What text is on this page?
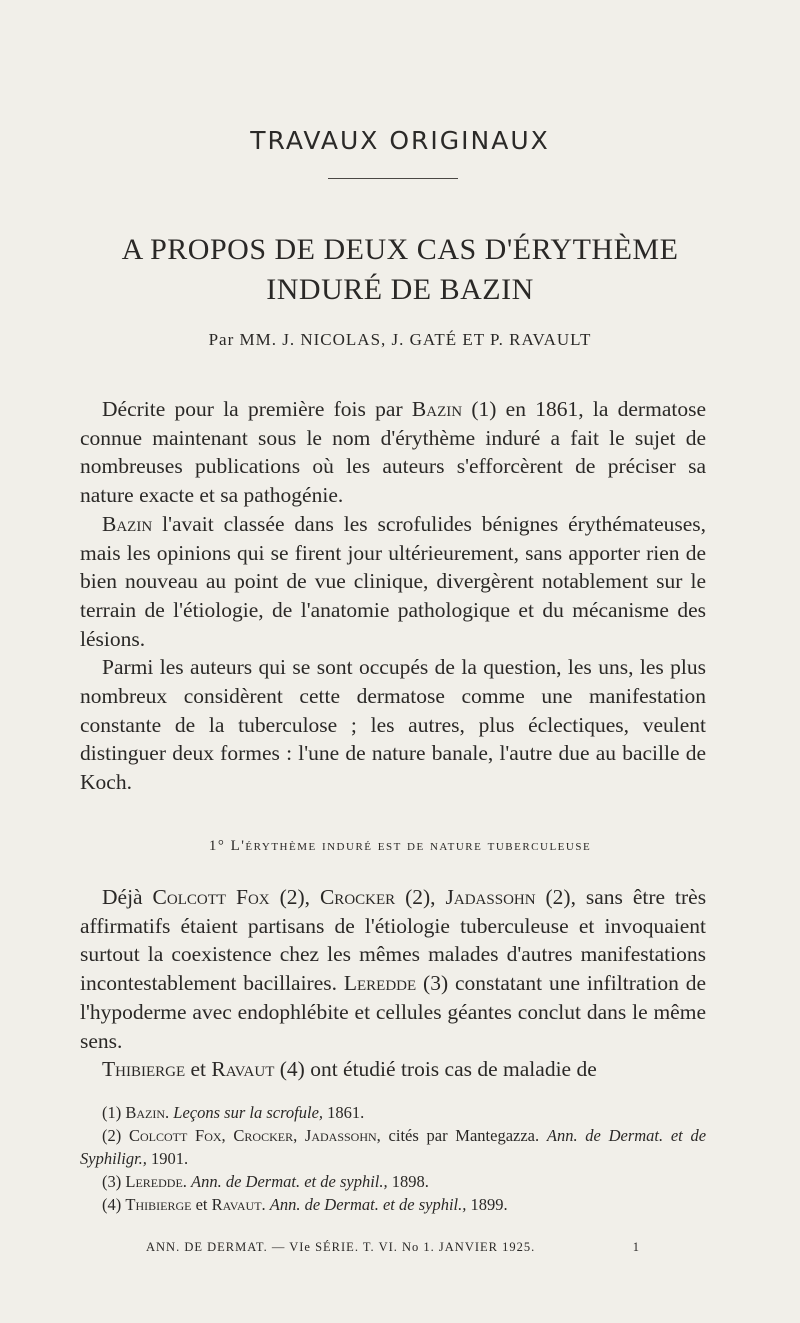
TRAVAUX ORIGINAUX
A PROPOS DE DEUX CAS D'ÉRYTHÈME
INDURÉ DE BAZIN
Par MM. J. NICOLAS, J. GATÉ ET P. RAVAULT

Décrite pour la première fois par Bazin (1) en 1861, la dermatose connue maintenant sous le nom d'érythème induré a fait le sujet de nombreuses publications où les auteurs s'efforcèrent de préciser sa nature exacte et sa pathogénie.

Bazin l'avait classée dans les scrofulides bénignes érythémateuses, mais les opinions qui se firent jour ultérieurement, sans apporter rien de bien nouveau au point de vue clinique, divergèrent notablement sur le terrain de l'étiologie, de l'anatomie pathologique et du mécanisme des lésions.

Parmi les auteurs qui se sont occupés de la question, les uns, les plus nombreux considèrent cette dermatose comme une manifestation constante de la tuberculose ; les autres, plus éclectiques, veulent distinguer deux formes : l'une de nature banale, l'autre due au bacille de Koch.

1° L'érythème induré est de nature tuberculeuse

Déjà Colcott Fox (2), Crocker (2), Jadassohn (2), sans être très affirmatifs étaient partisans de l'étiologie tuberculeuse et invoquaient surtout la coexistence chez les mêmes malades d'autres manifestations incontestablement bacillaires. Leredde (3) constatant une infiltration de l'hypoderme avec endophlébite et cellules géantes conclut dans le même sens.

Thibierge et Ravaut (4) ont étudié trois cas de maladie de

(1) Bazin. Leçons sur la scrofule, 1861.

(2) Colcott Fox, Crocker, Jadassohn, cités par Mantegazza. Ann. de Dermat. et de Syphiligr., 1901.

(3) Leredde. Ann. de Dermat. et de syphil., 1898.

(4) Thibierge et Ravaut. Ann. de Dermat. et de syphil., 1899.

ANN. DE DERMAT. — VIe SÉRIE. T. VI. No 1. JANVIER 1925.	1
